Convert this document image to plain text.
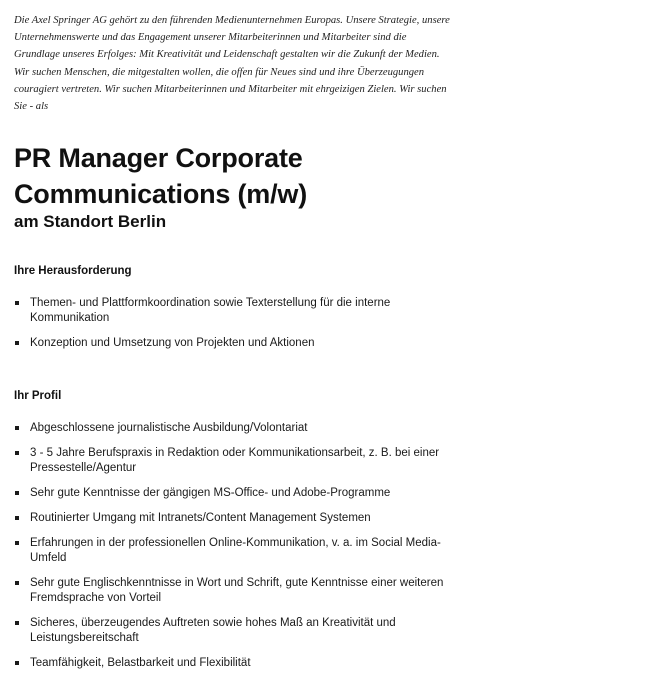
Die Axel Springer AG gehört zu den führenden Medienunternehmen Europas. Unsere Strategie, unsere Unternehmenswerte und das Engagement unserer Mitarbeiterinnen und Mitarbeiter sind die Grundlage unseres Erfolges: Mit Kreativität und Leidenschaft gestalten wir die Zukunft der Medien. Wir suchen Menschen, die mitgestalten wollen, die offen für Neues sind und ihre Überzeugungen couragiert vertreten. Wir suchen Mitarbeiterinnen und Mitarbeiter mit ehrgeizigen Zielen. Wir suchen Sie - als

PR Manager Corporate Communications (m/w)
am Standort Berlin
Ihre Herausforderung
Themen- und Plattformkoordination sowie Texterstellung für die interne Kommunikation
Konzeption und Umsetzung von Projekten und Aktionen
Ihr Profil
Abgeschlossene journalistische Ausbildung/Volontariat
3 - 5 Jahre Berufspraxis in Redaktion oder Kommunikationsarbeit, z. B. bei einer Pressestelle/Agentur
Sehr gute Kenntnisse der gängigen MS-Office- und Adobe-Programme
Routinierter Umgang mit Intranets/Content Management Systemen
Erfahrungen in der professionellen Online-Kommunikation, v. a. im Social Media-Umfeld
Sehr gute Englischkenntnisse in Wort und Schrift, gute Kenntnisse einer weiteren Fremdsprache von Vorteil
Sicheres, überzeugendes Auftreten sowie hohes Maß an Kreativität und Leistungsbereitschaft
Teamfähigkeit, Belastbarkeit und Flexibilität
